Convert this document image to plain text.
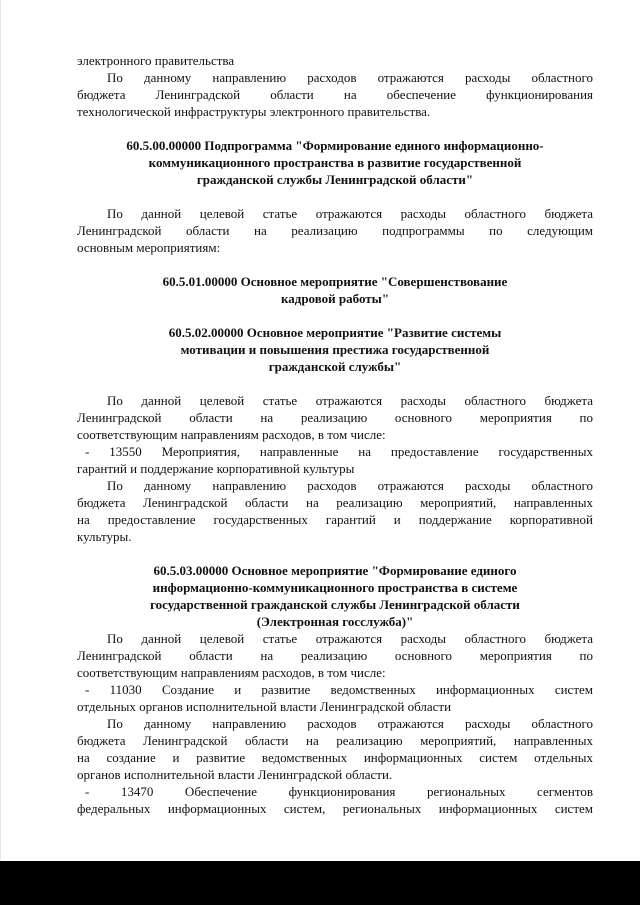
электронного правительства
По данному направлению расходов отражаются расходы областного
бюджета Ленинградской области на обеспечение функционирования
технологической инфраструктуры электронного правительства.
60.5.00.00000 Подпрограмма "Формирование единого информационно-
коммуникационного пространства в развитие государственной
гражданской службы Ленинградской области"
По данной целевой статье отражаются расходы областного бюджета
Ленинградской области на реализацию подпрограммы по следующим
основным мероприятиям:
60.5.01.00000 Основное мероприятие "Совершенствование
кадровой работы"
60.5.02.00000 Основное мероприятие "Развитие системы
мотивации и повышения престижа государственной
гражданской службы"
По данной целевой статье отражаются расходы областного бюджета
Ленинградской области на реализацию основного мероприятия по
соответствующим направлениям расходов, в том числе:
- 13550 Мероприятия, направленные на предоставление государственных
гарантий и поддержание корпоративной культуры
По данному направлению расходов отражаются расходы областного
бюджета Ленинградской области на реализацию мероприятий, направленных
на предоставление государственных гарантий и поддержание корпоративной
культуры.
60.5.03.00000 Основное мероприятие "Формирование единого
информационно-коммуникационного пространства в системе
государственной гражданской службы Ленинградской области
(Электронная госслужба)"
По данной целевой статье отражаются расходы областного бюджета
Ленинградской области на реализацию основного мероприятия по
соответствующим направлениям расходов, в том числе:
- 11030 Создание и развитие ведомственных информационных систем
отдельных органов исполнительной власти Ленинградской области
По данному направлению расходов отражаются расходы областного
бюджета Ленинградской области на реализацию мероприятий, направленных
на создание и развитие ведомственных информационных систем отдельных
органов исполнительной власти Ленинградской области.
- 13470 Обеспечение функционирования региональных сегментов
федеральных информационных систем, региональных информационных систем
